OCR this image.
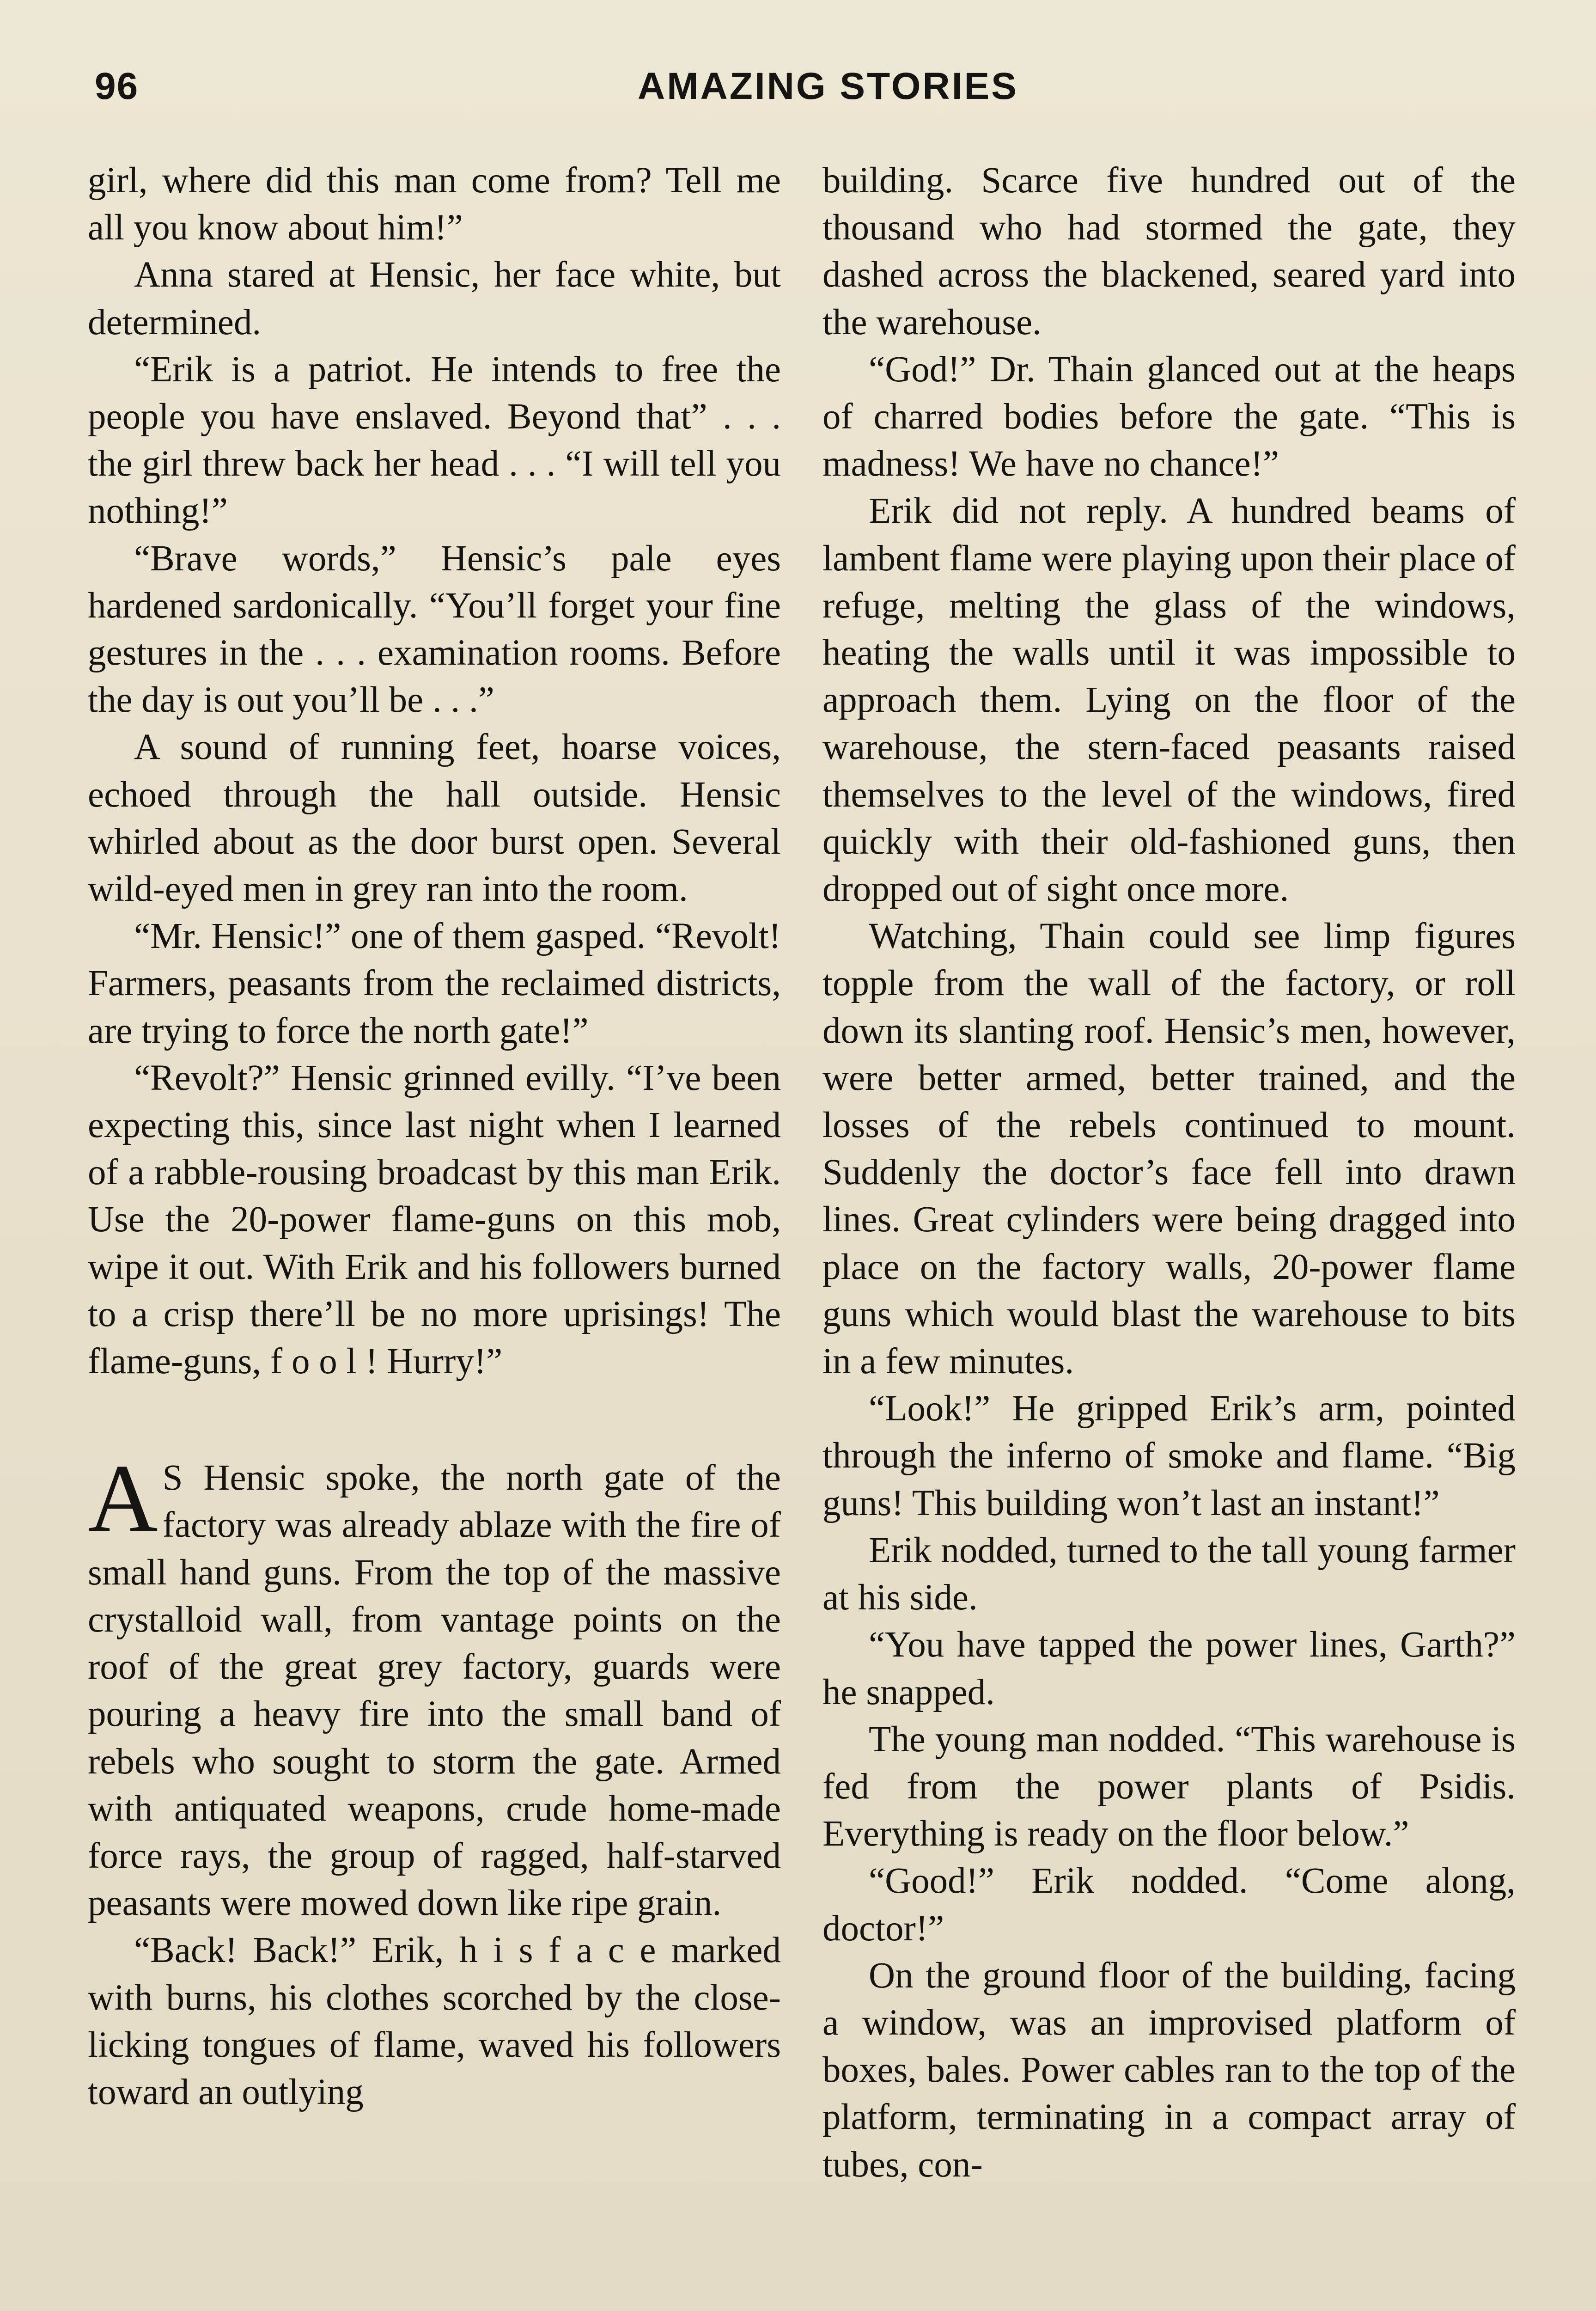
96	AMAZING STORIES

girl, where did this man come from? Tell me all you know about him!”

Anna stared at Hensic, her face white, but determined.

“Erik is a patriot. He intends to free the people you have enslaved. Beyond that” . . . the girl threw back her head . . . “I will tell you nothing!”

“Brave words,” Hensic’s pale eyes hardened sardonically. “You’ll forget your fine gestures in the . . . examination rooms. Before the day is out you’ll be . . .”

A sound of running feet, hoarse voices, echoed through the hall outside. Hensic whirled about as the door burst open. Several wild-eyed men in grey ran into the room.

“Mr. Hensic!” one of them gasped. “Revolt! Farmers, peasants from the reclaimed districts, are trying to force the north gate!”

“Revolt?” Hensic grinned evilly. “I’ve been expecting this, since last night when I learned of a rabble-rousing broadcast by this man Erik. Use the 20-power flame-guns on this mob, wipe it out. With Erik and his followers burned to a crisp there’ll be no more uprisings! The flame-guns, f o o l ! Hurry!”

A S Hensic spoke, the north gate of the factory was already ablaze with the fire of small hand guns. From the top of the massive crystalloid wall, from vantage points on the roof of the great grey factory, guards were pouring a heavy fire into the small band of rebels who sought to storm the gate. Armed with antiquated weapons, crude home-made force rays, the group of ragged, half-starved peasants were mowed down like ripe grain.

“Back! Back!” Erik, h i s f a c e marked with burns, his clothes scorched by the close-licking tongues of flame, waved his followers toward an outlying

building. Scarce five hundred out of the thousand who had stormed the gate, they dashed across the blackened, seared yard into the warehouse.

“God!” Dr. Thain glanced out at the heaps of charred bodies before the gate. “This is madness! We have no chance!”

Erik did not reply. A hundred beams of lambent flame were playing upon their place of refuge, melting the glass of the windows, heating the walls until it was impossible to approach them. Lying on the floor of the warehouse, the stern-faced peasants raised themselves to the level of the windows, fired quickly with their old-fashioned guns, then dropped out of sight once more.

Watching, Thain could see limp figures topple from the wall of the factory, or roll down its slanting roof. Hensic’s men, however, were better armed, better trained, and the losses of the rebels continued to mount. Suddenly the doctor’s face fell into drawn lines. Great cylinders were being dragged into place on the factory walls, 20-power flame guns which would blast the warehouse to bits in a few minutes.

“Look!” He gripped Erik’s arm, pointed through the inferno of smoke and flame. “Big guns! This building won’t last an instant!”

Erik nodded, turned to the tall young farmer at his side.

“You have tapped the power lines, Garth?” he snapped.

The young man nodded. “This warehouse is fed from the power plants of Psidis. Everything is ready on the floor below.”

“Good!” Erik nodded. “Come along, doctor!”

On the ground floor of the building, facing a window, was an improvised platform of boxes, bales. Power cables ran to the top of the platform, terminating in a compact array of tubes, con-
